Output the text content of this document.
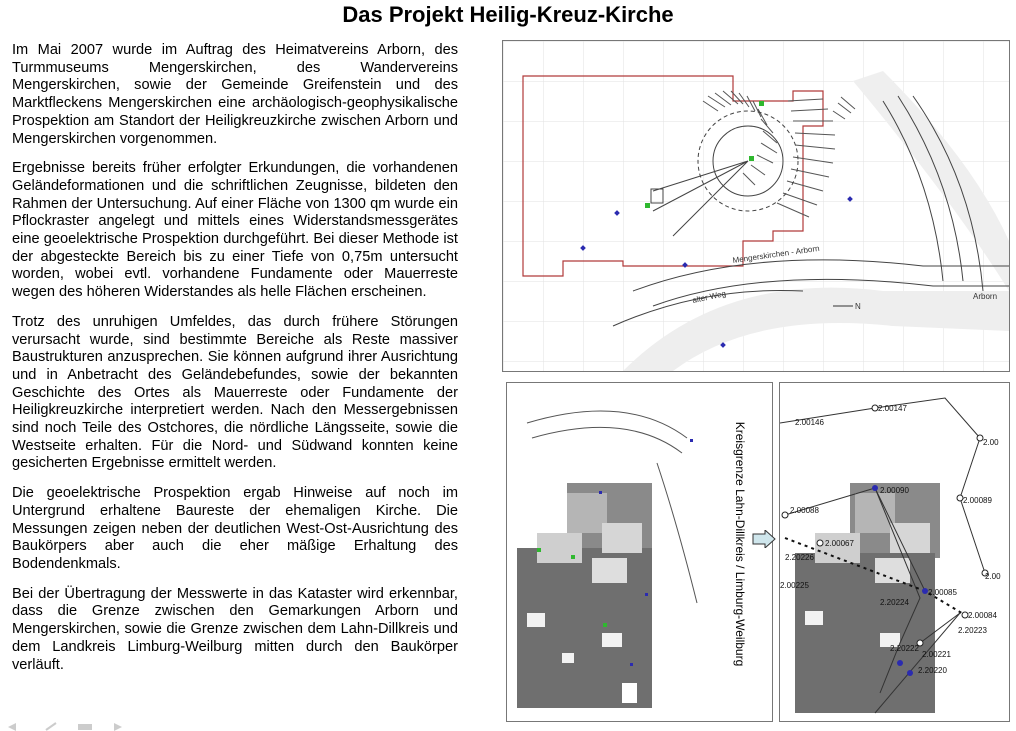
Das Projekt Heilig-Kreuz-Kirche

Im Mai 2007 wurde im Auftrag des Heimatvereins Arborn, des Turmmuseums Mengerskirchen, des Wandervereins Mengerskirchen, sowie der Gemeinde Greifenstein und des Marktfleckens Mengerskirchen eine archäologisch-geophysikalische Prospektion am Standort der Heiligkreuzkirche zwischen Arborn und Mengerskirchen vorgenommen.

Ergebnisse bereits früher erfolgter Erkundungen, die vorhandenen Geländeformationen und die schriftlichen Zeugnisse, bildeten den Rahmen der Untersuchung. Auf einer Fläche von 1300 qm wurde ein Pflockraster angelegt und mittels eines Widerstandsmessgerätes eine geoelektrische Prospektion durchgeführt. Bei dieser Methode ist der abgesteckte Bereich bis zu einer Tiefe von 0,75m untersucht worden, wobei evtl. vorhandene Fundamente oder Mauerreste wegen des höheren Widerstandes als helle Flächen erscheinen.

Trotz des unruhigen Umfeldes, das durch frühere Störungen verursacht wurde, sind bestimmte Bereiche als Reste massiver Baustrukturen anzusprechen. Sie können aufgrund ihrer Ausrichtung und in Anbetracht des Geländebefundes, sowie der bekannten Geschichte des Ortes als Mauerreste oder Fundamente der Heiligkreuzkirche interpretiert werden. Nach den Messergebnissen sind noch Teile des Ostchores, die nördliche Längsseite, sowie die Westseite erhalten. Für die Nord- und Südwand konnten keine gesicherten Ergebnisse ermittelt werden.

Die geoelektrische Prospektion ergab Hinweise auf noch im Untergrund erhaltene Baureste der ehemaligen Kirche. Die Messungen zeigen neben der deutlichen West-Ost-Ausrichtung des Baukörpers aber auch die eher mäßige Erhaltung des Bodendenkmals.

Bei der Übertragung der Messwerte in das Kataster wird erkennbar, dass die Grenze zwischen den Gemarkungen Arborn und Mengerskirchen, sowie die Grenze zwischen dem Lahn-Dillkreis und dem Landkreis Limburg-Weilburg mitten durch den Baukörper verläuft.

Mengerskirchen - Arborn
alter Weg	Arborn
N
Kreisgrenze Lahn-Dillkreis / Limburg-Weilburg
2.00147
2.00146
2.00
2.00089
2.00088
2.00090
2.00067
2.20226
2.00225
2.00
2.00085
2.20224
2.00084
2.20223
2.20222
2.00221
2.20220
